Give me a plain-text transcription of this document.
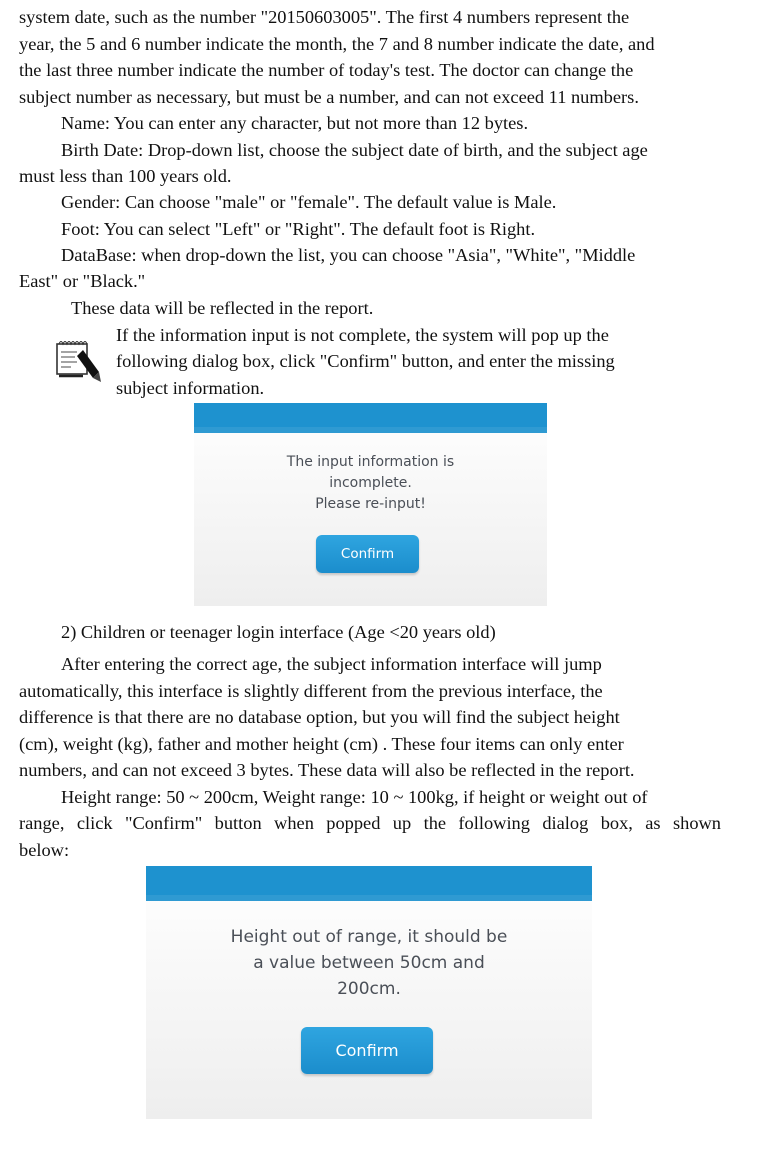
system date, such as the number "20150603005". The first 4 numbers represent the

year, the 5 and 6 number indicate the month, the 7 and 8 number indicate the date, and

the last three number indicate the number of today's test. The doctor can change the

subject number as necessary, but must be a number, and can not exceed 11 numbers.

Name: You can enter any character, but not more than 12 bytes.

Birth Date: Drop-down list, choose the subject date of birth, and the subject age

must less than 100 years old.

Gender: Can choose "male" or "female". The default value is Male.

Foot: You can select "Left" or "Right". The default foot is Right.

DataBase: when drop-down the list, you can choose "Asia", "White", "Middle

East" or "Black."

These data will be reflected in the report.

If the information input is not complete, the system will pop up the

following dialog box, click "Confirm" button, and enter the missing

subject information.

The input information is
incomplete.
Please re-input!
Confirm

2) Children or teenager login interface (Age <20 years old)

After entering the correct age, the subject information interface will jump

automatically, this interface is slightly different from the previous interface, the

difference is that there are no database option, but you will find the subject height

(cm), weight (kg), father and mother height (cm) . These four items can only enter

numbers, and can not exceed 3 bytes. These data will also be reflected in the report.

Height range: 50 ~ 200cm, Weight range: 10 ~ 100kg, if height or weight out of

range, click "Confirm" button when popped up the following dialog box, as shown

below:

Height out of range, it should be
a value between 50cm and
200cm.
Confirm
